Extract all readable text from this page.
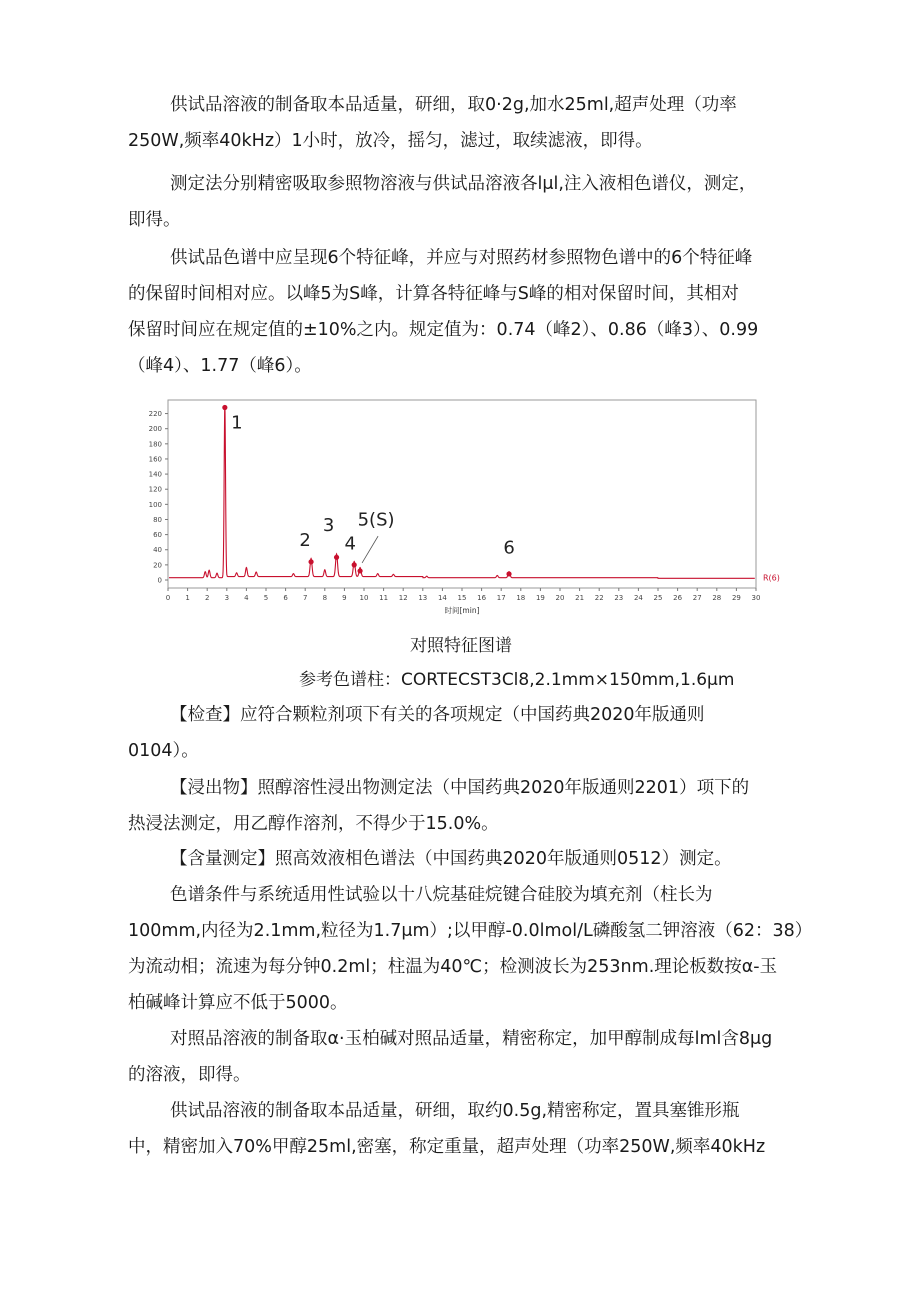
供试品溶液的制备取本品适量，研细，取0·2g,加水25ml,超声处理（功率
250W,频率40kHz）1小时，放冷，摇匀，滤过，取续滤液，即得。
测定法分别精密吸取参照物溶液与供试品溶液各lμl,注入液相色谱仪，测定，
即得。
供试品色谱中应呈现6个特征峰，并应与对照药材参照物色谱中的6个特征峰
的保留时间相对应。以峰5为S峰，计算各特征峰与S峰的相对保留时间，其相对
保留时间应在规定值的±10%之内。规定值为：0.74（峰2）、0.86（峰3）、0.99
（峰4）、1.77（峰6）。
0
20
40
60
80
100
120
140
160
180
200
220
0 1 2 3 4 5 6 7 8 9 10 11 12 13 14 15 16 17 18 19 20 21 22 23 24 25 26 27 28 29 30
时间[min]
R(6)
1
2
3
4
5(S)
6
对照特征图谱
参考色谱柱：CORTECST3Cl8,2.1mm×150mm,1.6μm
【检查】应符合颗粒剂项下有关的各项规定（中国药典2020年版通则
0104）。
【浸出物】照醇溶性浸出物测定法（中国药典2020年版通则2201）项下的
热浸法测定，用乙醇作溶剂，不得少于15.0%。
【含量测定】照高效液相色谱法（中国药典2020年版通则0512）测定。
色谱条件与系统适用性试验以十八烷基硅烷键合硅胶为填充剂（柱长为
100mm,内径为2.1mm,粒径为1.7μm）;以甲醇-0.0lmol/L磷酸氢二钾溶液（62：38）
为流动相；流速为每分钟0.2ml；柱温为40℃；检测波长为253nm.理论板数按α-玉
柏碱峰计算应不低于5000。
对照品溶液的制备取α·玉柏碱对照品适量，精密称定，加甲醇制成每lml含8μg
的溶液，即得。
供试品溶液的制备取本品适量，研细，取约0.5g,精密称定，置具塞锥形瓶
中，精密加入70%甲醇25ml,密塞，称定重量，超声处理（功率250W,频率40kHz
